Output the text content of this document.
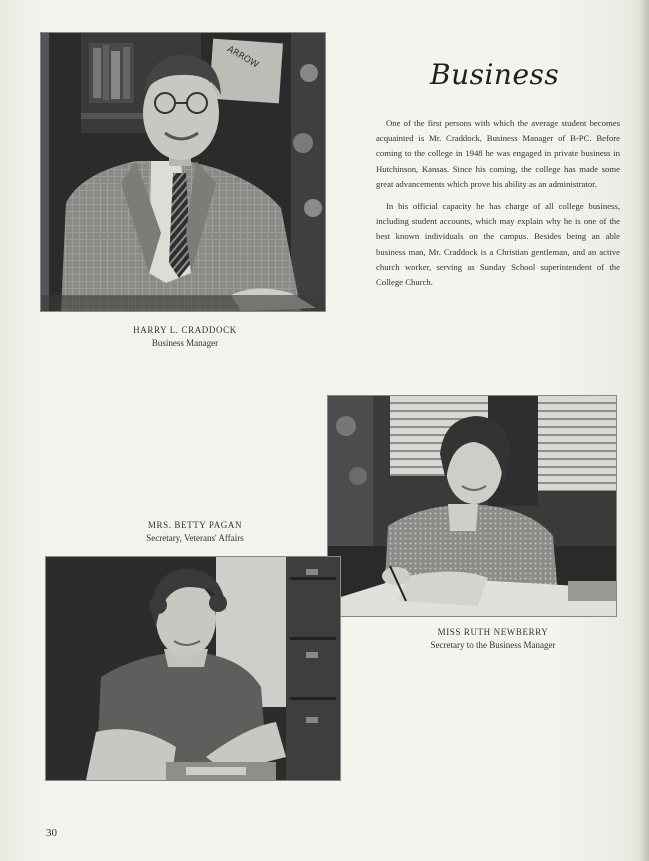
ARROW
Business

One of the first persons with which the average student becomes acquainted is Mr. Craddock, Business Manager of B-PC. Before coming to the college in 1948 he was engaged in private business in Hutchinson, Kansas. Since his coming, the college has made some great advancements which prove his ability as an administrator.

In his official capacity he has charge of all college business, including student accounts, which may explain why he is one of the best known individuals on the campus. Besides being an able business man, Mr. Craddock is a Christian gentleman, and an active church worker, serving as Sunday School superintendent of the College Church.

HARRY L. CRADDOCK
Business Manager
MRS. BETTY PAGAN
Secretary, Veterans' Affairs
MISS RUTH NEWBERRY
Secretary to the Business Manager
30
